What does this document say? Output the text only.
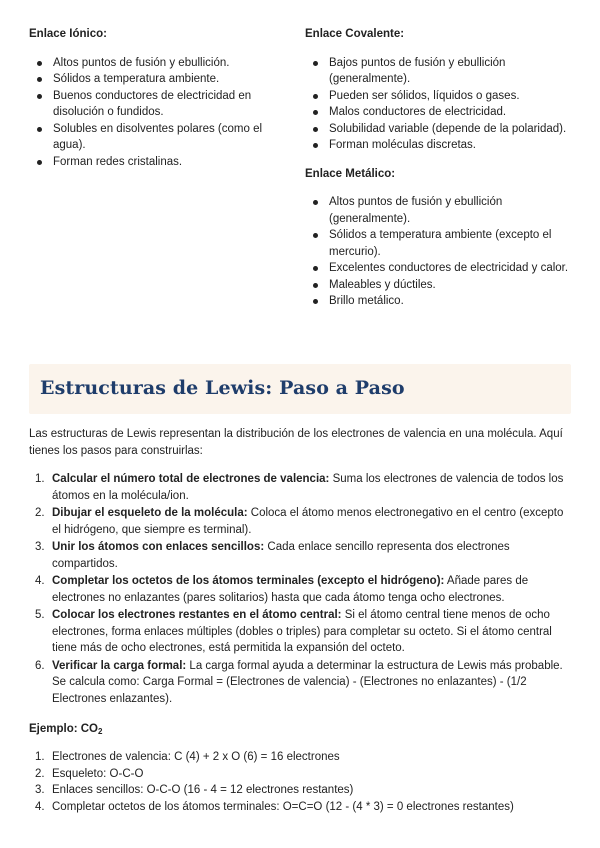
Enlace Iónico:
Altos puntos de fusión y ebullición.
Sólidos a temperatura ambiente.
Buenos conductores de electricidad en disolución o fundidos.
Solubles en disolventes polares (como el agua).
Forman redes cristalinas.
Enlace Covalente:
Bajos puntos de fusión y ebullición (generalmente).
Pueden ser sólidos, líquidos o gases.
Malos conductores de electricidad.
Solubilidad variable (depende de la polaridad).
Forman moléculas discretas.
Enlace Metálico:
Altos puntos de fusión y ebullición (generalmente).
Sólidos a temperatura ambiente (excepto el mercurio).
Excelentes conductores de electricidad y calor.
Maleables y dúctiles.
Brillo metálico.
Estructuras de Lewis: Paso a Paso

Las estructuras de Lewis representan la distribución de los electrones de valencia en una molécula. Aquí tienes los pasos para construirlas:

Calcular el número total de electrones de valencia: Suma los electrones de valencia de todos los átomos en la molécula/ion.
Dibujar el esqueleto de la molécula: Coloca el átomo menos electronegativo en el centro (excepto el hidrógeno, que siempre es terminal).
Unir los átomos con enlaces sencillos: Cada enlace sencillo representa dos electrones compartidos.
Completar los octetos de los átomos terminales (excepto el hidrógeno): Añade pares de electrones no enlazantes (pares solitarios) hasta que cada átomo tenga ocho electrones.
Colocar los electrones restantes en el átomo central: Si el átomo central tiene menos de ocho electrones, forma enlaces múltiples (dobles o triples) para completar su octeto. Si el átomo central tiene más de ocho electrones, está permitida la expansión del octeto.
Verificar la carga formal: La carga formal ayuda a determinar la estructura de Lewis más probable. Se calcula como: Carga Formal = (Electrones de valencia) - (Electrones no enlazantes) - (1/2 Electrones enlazantes).
Ejemplo: $CO_2$
Electrones de valencia: C (4) + 2 x O (6) = 16 electrones
Esqueleto: O-C-O
Enlaces sencillos: O-C-O (16 - 4 = 12 electrones restantes)
Completar octetos de los átomos terminales: O=C=O (12 - (4 * 3) = 0 electrones restantes)
